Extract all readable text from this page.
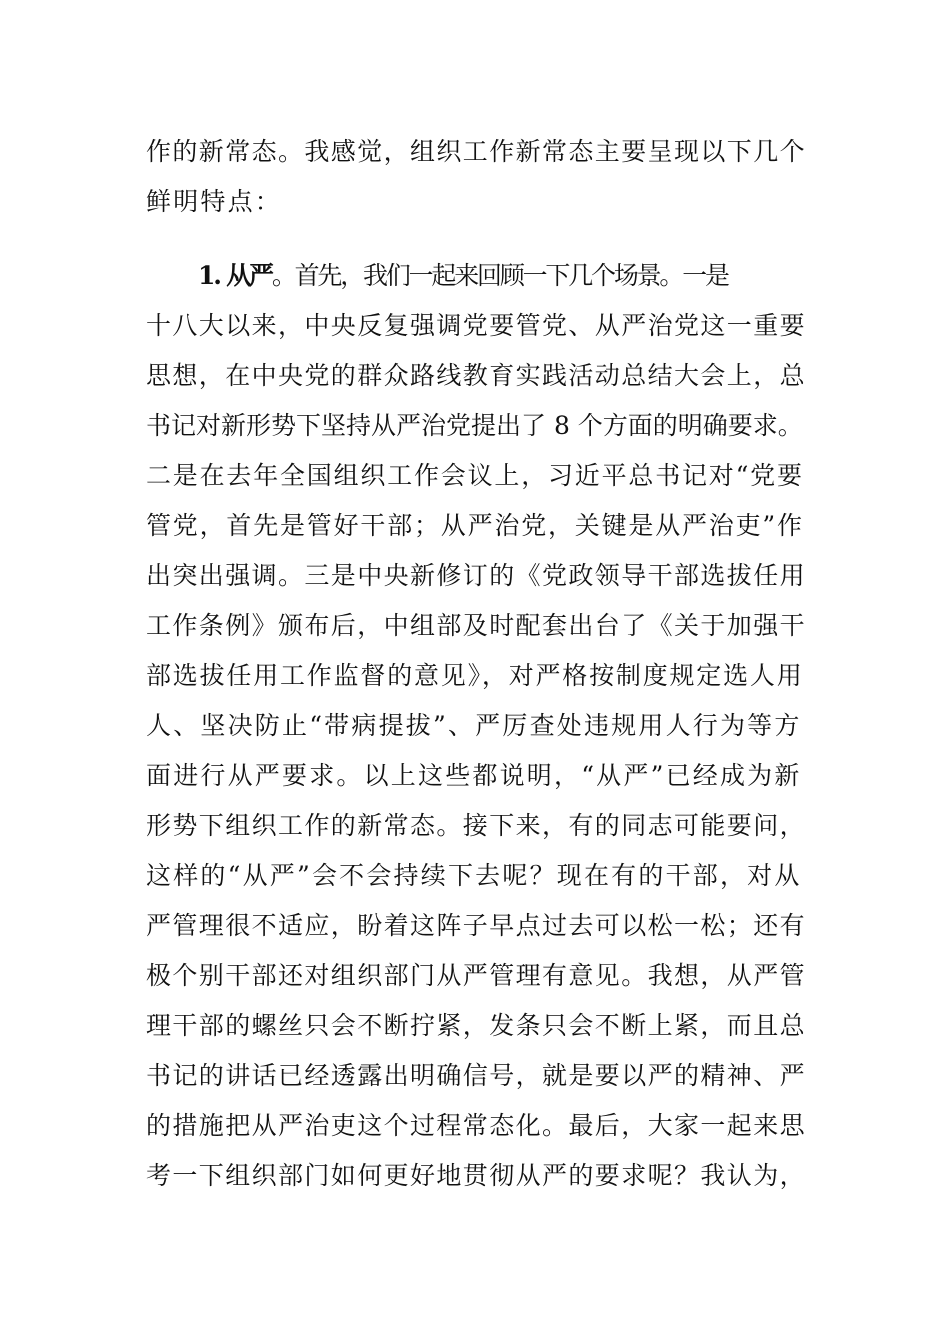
作的新常态。我感觉，组织工作新常态主要呈现以下几个
鲜明特点：
1. 从严。首先，我们一起来回顾一下几个场景。一是
十八大以来，中央反复强调党要管党、从严治党这一重要
思想，在中央党的群众路线教育实践活动总结大会上，总
书记对新形势下坚持从严治党提出了 8 个方面的明确要求。
二是在去年全国组织工作会议上，习近平总书记对“党要
管党，首先是管好干部；从严治党，关键是从严治吏”作
出突出强调。三是中央新修订的《党政领导干部选拔任用
工作条例》颁布后，中组部及时配套出台了《关于加强干
部选拔任用工作监督的意见》，对严格按制度规定选人用
人、坚决防止“带病提拔”、严厉查处违规用人行为等方
面进行从严要求。以上这些都说明，“从严”已经成为新
形势下组织工作的新常态。接下来，有的同志可能要问，
这样的“从严”会不会持续下去呢？现在有的干部，对从
严管理很不适应，盼着这阵子早点过去可以松一松；还有
极个别干部还对组织部门从严管理有意见。我想，从严管
理干部的螺丝只会不断拧紧，发条只会不断上紧，而且总
书记的讲话已经透露出明确信号，就是要以严的精神、严
的措施把从严治吏这个过程常态化。最后，大家一起来思
考一下组织部门如何更好地贯彻从严的要求呢？我认为，
